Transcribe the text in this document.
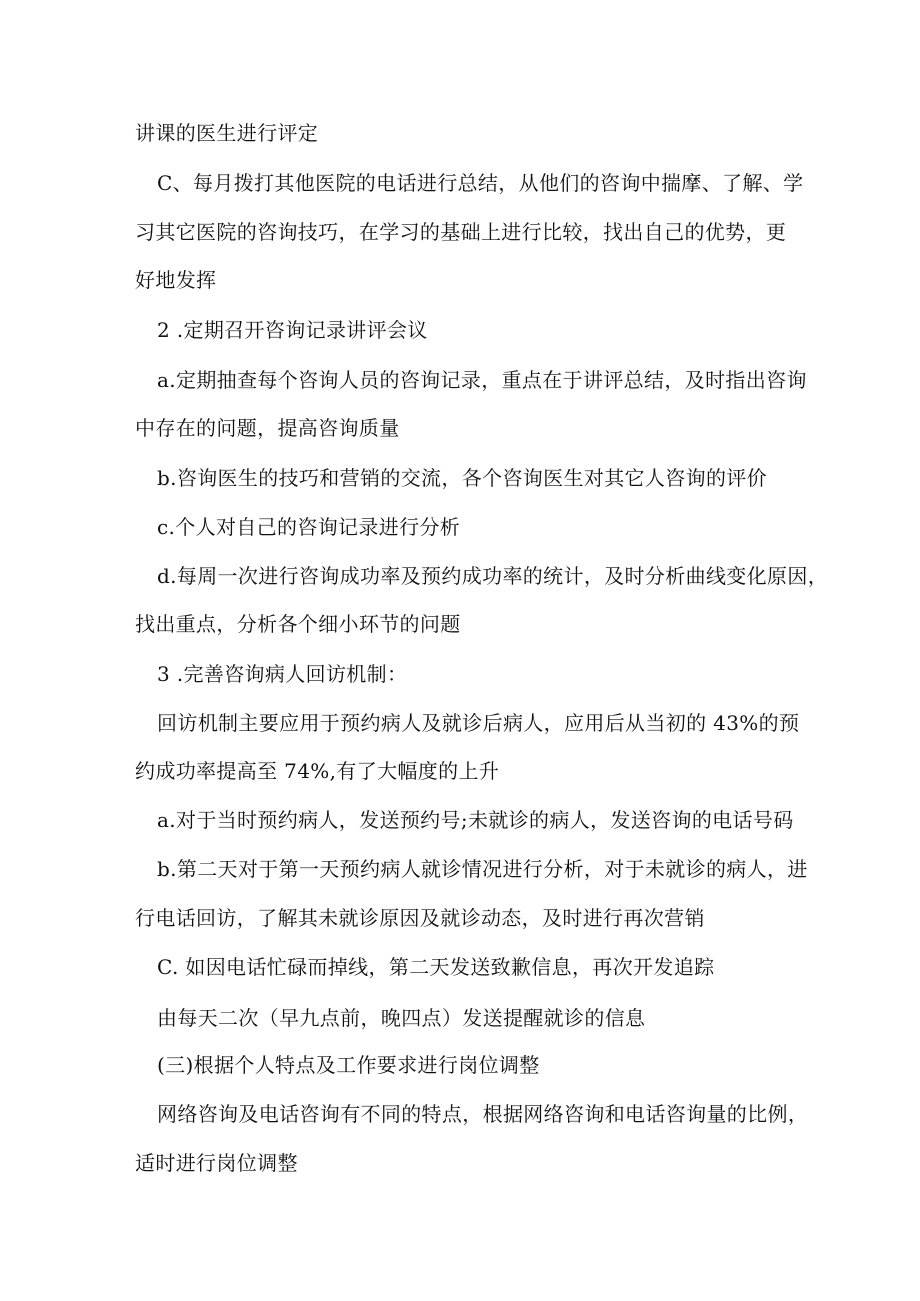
讲课的医生进行评定
C、每月拨打其他医院的电话进行总结，从他们的咨询中揣摩、了解、学
习其它医院的咨询技巧，在学习的基础上进行比较，找出自己的优势，更
好地发挥
2 .定期召开咨询记录讲评会议
a.定期抽查每个咨询人员的咨询记录，重点在于讲评总结，及时指出咨询
中存在的问题，提高咨询质量
b.咨询医生的技巧和营销的交流，各个咨询医生对其它人咨询的评价
c.个人对自己的咨询记录进行分析
d.每周一次进行咨询成功率及预约成功率的统计，及时分析曲线变化原因，
找出重点，分析各个细小环节的问题
3 .完善咨询病人回访机制：
回访机制主要应用于预约病人及就诊后病人，应用后从当初的 43%的预
约成功率提高至 74%,有了大幅度的上升
a.对于当时预约病人，发送预约号;未就诊的病人，发送咨询的电话号码
b.第二天对于第一天预约病人就诊情况进行分析，对于未就诊的病人，进
行电话回访，了解其未就诊原因及就诊动态，及时进行再次营销
C. 如因电话忙碌而掉线，第二天发送致歉信息，再次开发追踪
由每天二次（早九点前，晚四点）发送提醒就诊的信息
(三)根据个人特点及工作要求进行岗位调整
网络咨询及电话咨询有不同的特点，根据网络咨询和电话咨询量的比例，
适时进行岗位调整
